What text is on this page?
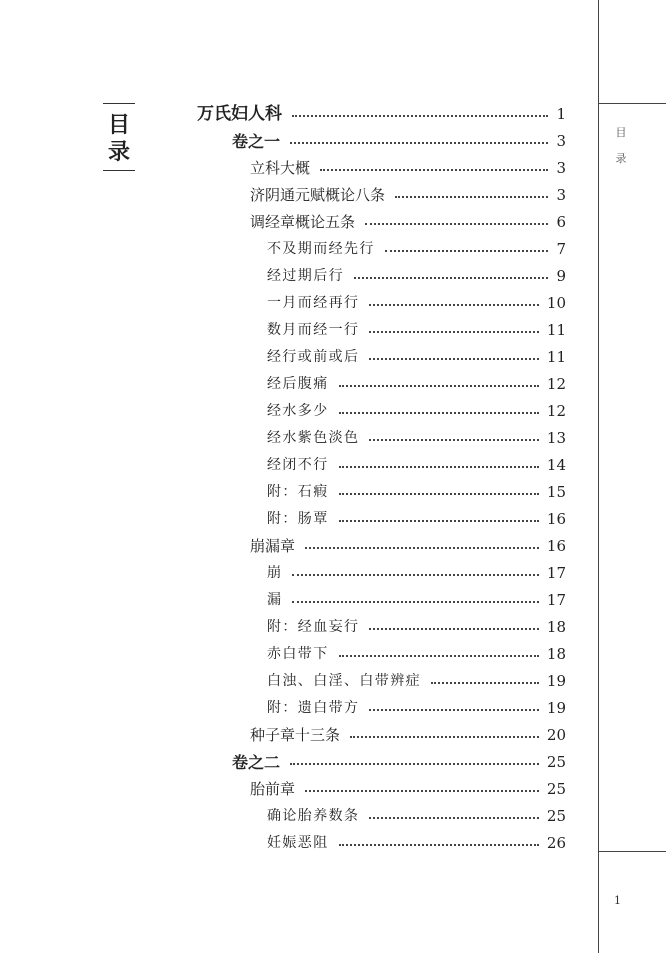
目
录
目
录
1
万氏妇人科	1
卷之一	3
立科大概	3
济阴通元赋 概论八条	3
调经章 概论五条	6
不及期而经先行	7
经过期后行	9
一月而经再行	10
数月而经一行	11
经行或前或后	11
经后腹痛	12
经水多少	12
经水紫色淡色	13
经闭不行	14
附：石瘕	15
附：肠覃	16
崩漏章	16
崩	17
漏	17
附：经血妄行	18
赤白带下	18
白浊、白淫、白带辨症	19
附：遗白带方	19
种子章 十三条	20
卷之二	25
胎前章	25
确论胎养数条	25
妊娠恶阻	26
